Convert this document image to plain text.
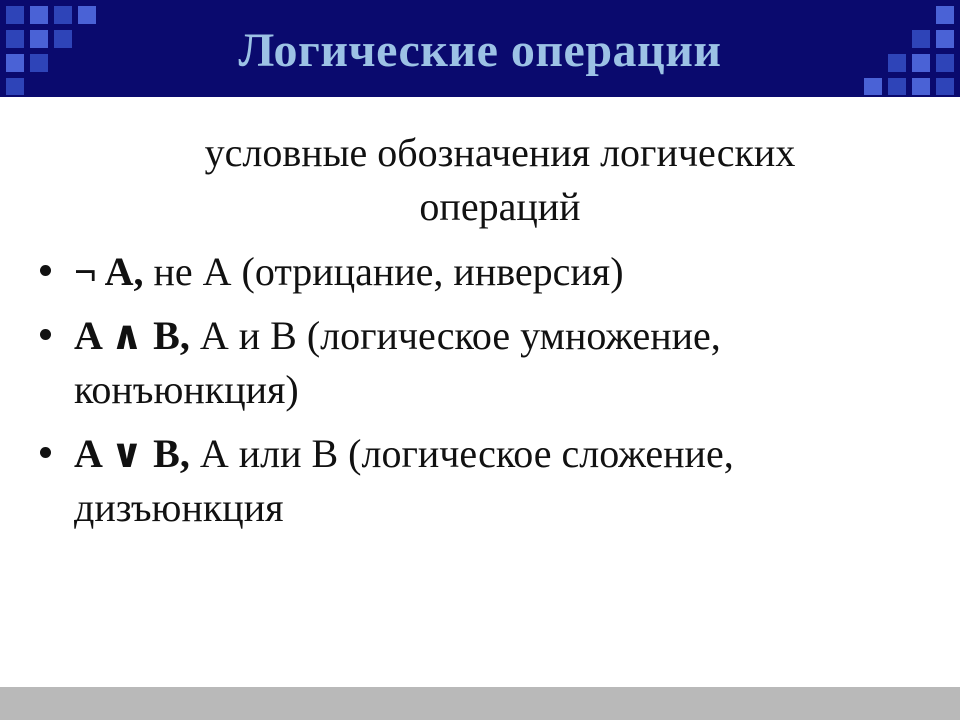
Логические операции
условные обозначения логических
операций
¬ A, не А (отрицание, инверсия)
A ∧ B, А и В (логическое умножение, конъюнкция)
A ∨ B, А или В (логическое сложение, дизъюнкция
